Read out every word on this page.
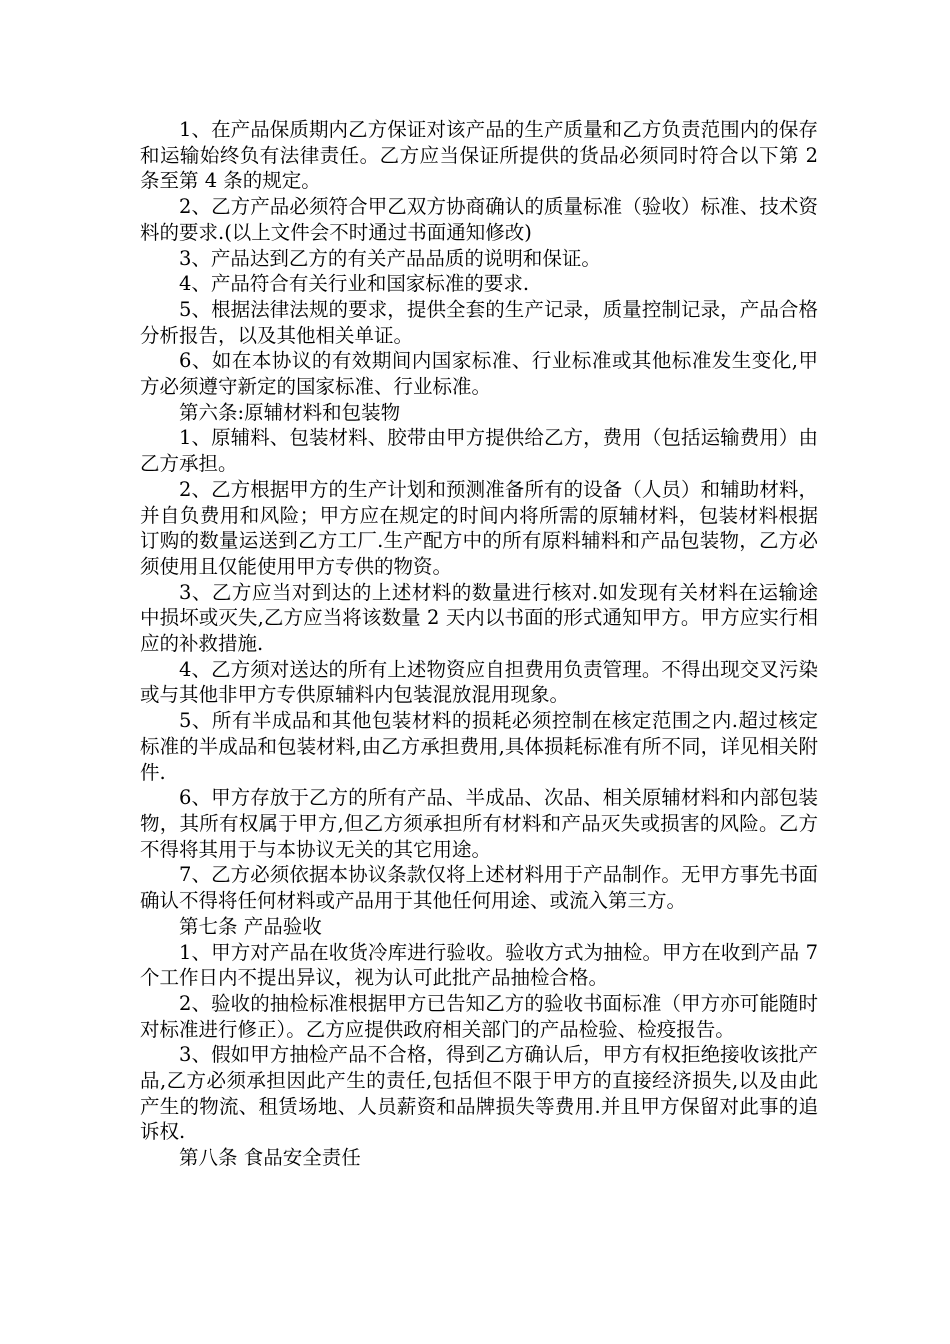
1、在产品保质期内乙方保证对该产品的生产质量和乙方负责范围内的保存和运输始终负有法律责任。乙方应当保证所提供的货品必须同时符合以下第 2 条至第 4 条的规定。

2、乙方产品必须符合甲乙双方协商确认的质量标准（验收）标准、技术资料的要求.(以上文件会不时通过书面通知修改)

3、产品达到乙方的有关产品品质的说明和保证。

4、产品符合有关行业和国家标准的要求.

5、根据法律法规的要求，提供全套的生产记录，质量控制记录，产品合格分析报告，以及其他相关单证。

6、如在本协议的有效期间内国家标准、行业标准或其他标准发生变化,甲方必须遵守新定的国家标准、行业标准。

第六条:原辅材料和包装物

1、原辅料、包装材料、胶带由甲方提供给乙方，费用（包括运输费用）由乙方承担。

2、乙方根据甲方的生产计划和预测准备所有的设备（人员）和辅助材料，并自负费用和风险；甲方应在规定的时间内将所需的原辅材料，包装材料根据订购的数量运送到乙方工厂.生产配方中的所有原料辅料和产品包装物，乙方必须使用且仅能使用甲方专供的物资。

3、乙方应当对到达的上述材料的数量进行核对.如发现有关材料在运输途中损坏或灭失,乙方应当将该数量 2 天内以书面的形式通知甲方。甲方应实行相应的补救措施.

4、乙方须对送达的所有上述物资应自担费用负责管理。不得出现交叉污染或与其他非甲方专供原辅料内包装混放混用现象。

5、所有半成品和其他包装材料的损耗必须控制在核定范围之内.超过核定标准的半成品和包装材料,由乙方承担费用,具体损耗标准有所不同，详见相关附件.

6、甲方存放于乙方的所有产品、半成品、次品、相关原辅材料和内部包装物，其所有权属于甲方,但乙方须承担所有材料和产品灭失或损害的风险。乙方不得将其用于与本协议无关的其它用途。

7、乙方必须依据本协议条款仅将上述材料用于产品制作。无甲方事先书面确认不得将任何材料或产品用于其他任何用途、或流入第三方。

第七条 产品验收

1、甲方对产品在收货冷库进行验收。验收方式为抽检。甲方在收到产品 7 个工作日内不提出异议，视为认可此批产品抽检合格。

2、验收的抽检标准根据甲方已告知乙方的验收书面标准（甲方亦可能随时对标准进行修正）。乙方应提供政府相关部门的产品检验、检疫报告。

3、假如甲方抽检产品不合格，得到乙方确认后，甲方有权拒绝接收该批产品,乙方必须承担因此产生的责任,包括但不限于甲方的直接经济损失,以及由此产生的物流、租赁场地、人员薪资和品牌损失等费用.并且甲方保留对此事的追诉权.

第八条 食品安全责任
